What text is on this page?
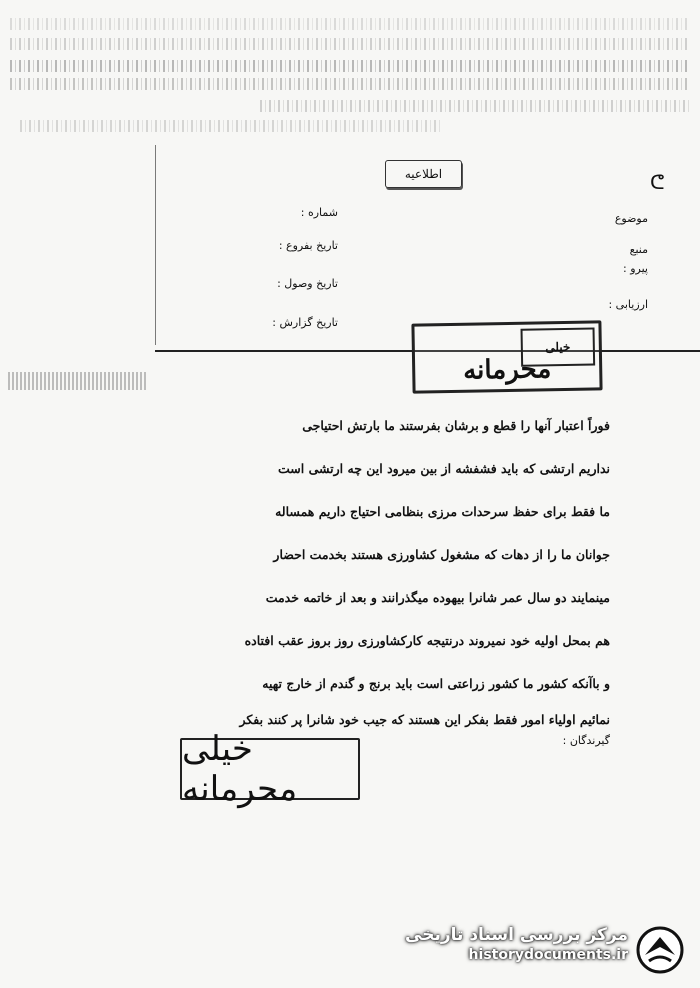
اطلاعیه	ᕦ
شماره :
تاریخ بفروع :
تاریخ وصول :
تاریخ گزارش :
موضوع
منبع
پیرو :
ارزیابی :
محرمانه
خیلی
فوراً اعتبار آنها را قطع و برشان بفرستند ما بارتش احتیاجی
نداریم ارتشی که باید فشفشه از بین میرود این چه ارتشی است
ما فقط برای حفظ سرحدات مرزی بنظامی احتیاج داریم همساله
جوانان ما را از دهات که مشغول کشاورزی هستند بخدمت احضار
مینمایند دو سال عمر شانرا بیهوده میگذرانند و بعد از خاتمه خدمت
هم بمحل اولیه خود نمیروند درنتیجه کارکشاورزی روز بروز عقب افتاده
و باآنکه کشور ما کشور زراعتی است باید برنج و گندم از خارج تهیه
نمائیم اولیاء امور فقط بفکر این هستند که جیب خود شانرا پر کنند بفکر
گیرندگان :
خیلی محرمانه
مرکز بررسی اسناد تاریخی
historydocuments.ir
